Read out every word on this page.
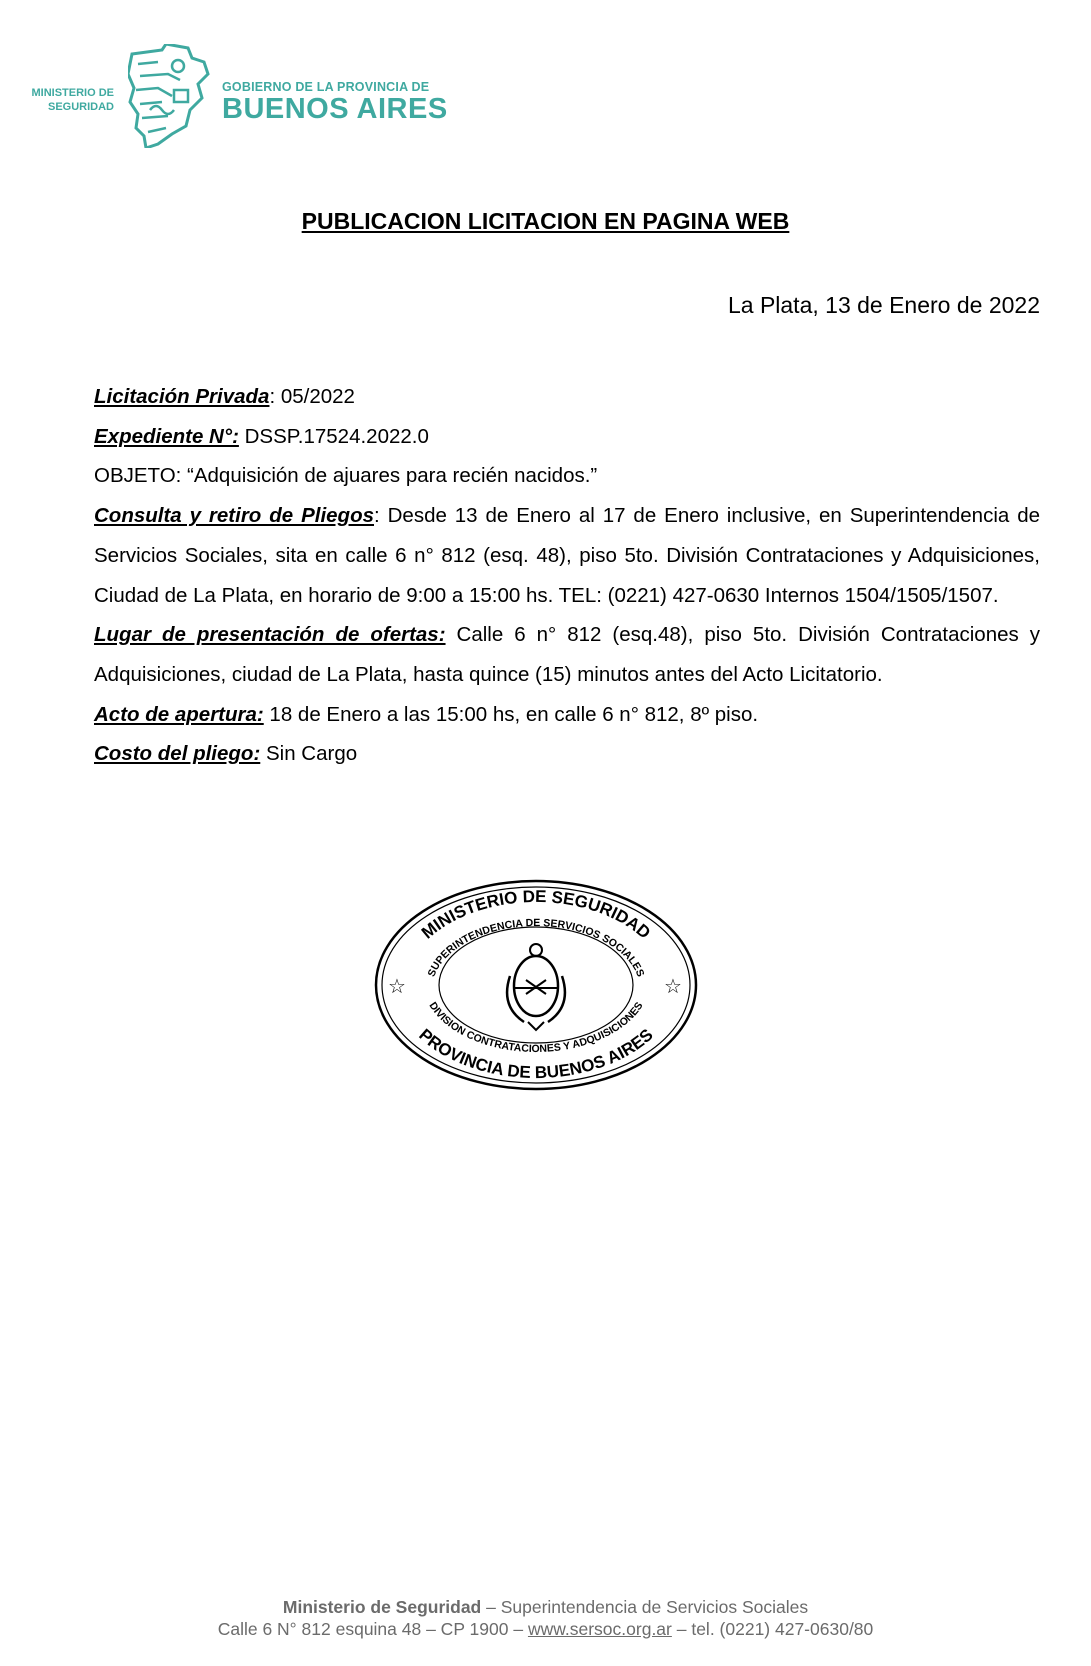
MINISTERIO DE
SEGURIDAD
GOBIERNO DE LA PROVINCIA DE
BUENOS AIRES
PUBLICACION LICITACION EN PAGINA WEB
La Plata, 13 de Enero de 2022

Licitación Privada: 05/2022

Expediente N°: DSSP.17524.2022.0

OBJETO: “Adquisición de ajuares para recién nacidos.”

Consulta y retiro de Pliegos: Desde 13 de Enero al 17 de Enero inclusive, en Superintendencia de Servicios Sociales, sita en calle 6 n° 812 (esq. 48), piso 5to. División Contrataciones y Adquisiciones, Ciudad de La Plata, en horario de 9:00 a 15:00 hs. TEL: (0221) 427-0630 Internos 1504/1505/1507.

Lugar de presentación de ofertas: Calle 6 n° 812 (esq.48), piso 5to. División Contrataciones y Adquisiciones, ciudad de La Plata, hasta quince (15) minutos antes del Acto Licitatorio.

Acto de apertura: 18 de Enero a las 15:00 hs, en calle 6 n° 812, 8º piso.

Costo del pliego: Sin Cargo

MINISTERIO DE SEGURIDAD
SUPERINTENDENCIA DE SERVICIOS SOCIALES
DIVISION CONTRATACIONES Y ADQUISICIONES
PROVINCIA DE BUENOS AIRES
☆	☆
Ministerio de Seguridad – Superintendencia de Servicios Sociales
Calle 6 N° 812 esquina 48 – CP 1900 – www.sersoc.org.ar – tel. (0221) 427-0630/80
